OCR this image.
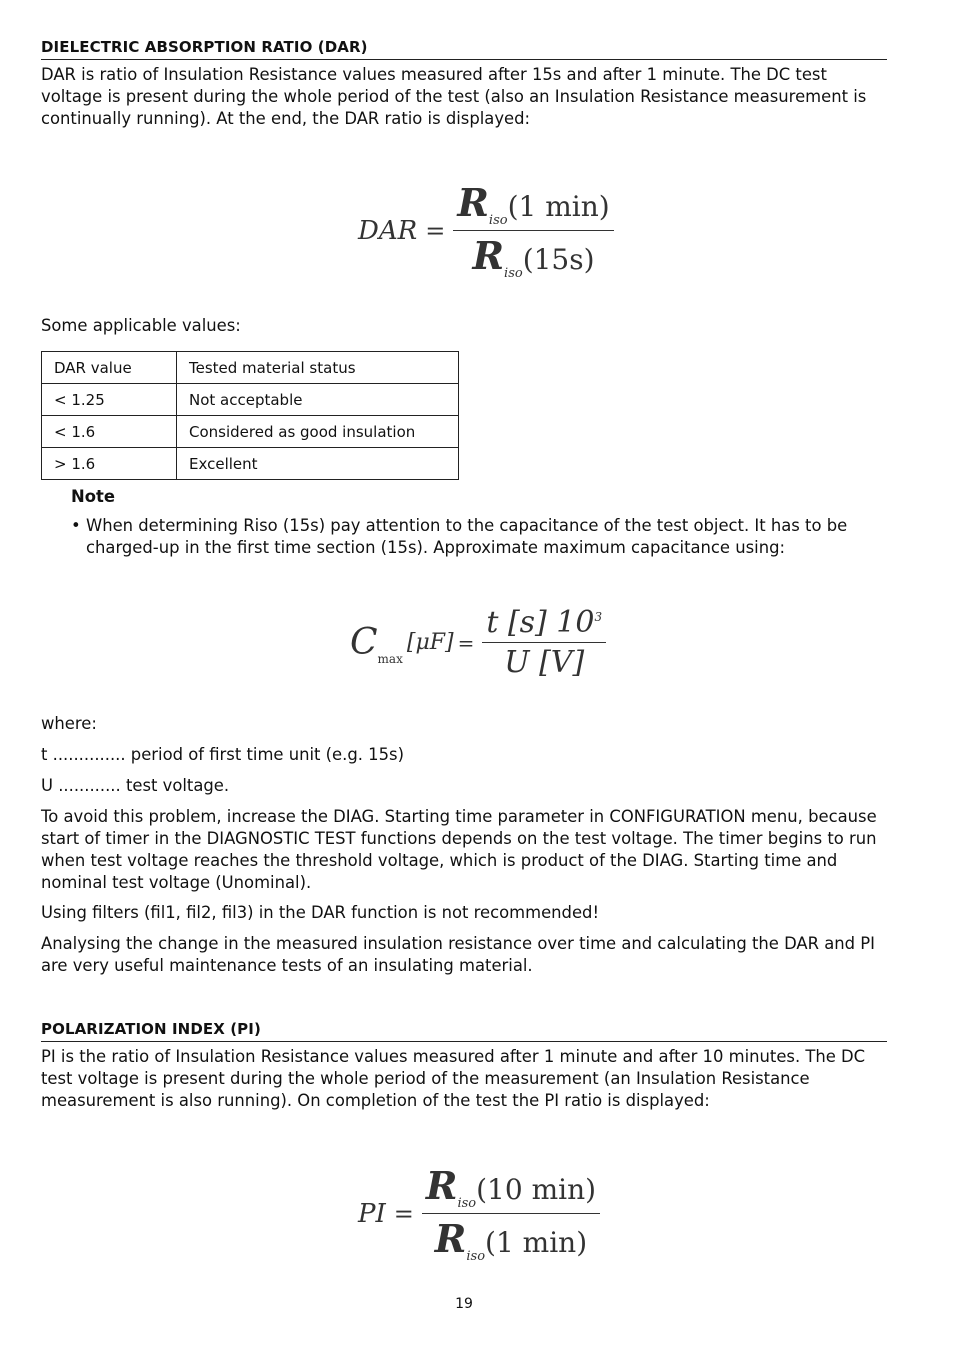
DIELECTRIC ABSORPTION RATIO (DAR)

DAR is ratio of Insulation Resistance values measured after 15s and after 1 minute. The DC test voltage is present during the whole period of the test (also an Insulation Resistance measurement is continually running). At the end, the DAR ratio is displayed:

DAR = $\frac{R_{iso}(1 \min)}{R_{iso}(15s)}$

Some applicable values:

DAR value	Tested material status
< 1.25	Not acceptable
< 1.6	Considered as good insulation
> 1.6	Excellent
Note
• When determining Riso (15s) pay attention to the capacitance of the test object. It has to be charged-up in the first time section (15s). Approximate maximum capacitance using:
C max
$[\mu F] = \frac{t [s] 10^3}{U [V]}$

where:

t .............. period of first time unit (e.g. 15s)

U ............ test voltage.

To avoid this problem, increase the DIAG. Starting time parameter in CONFIGURATION menu, because start of timer in the DIAGNOSTIC TEST functions depends on the test voltage. The timer begins to run when test voltage reaches the threshold voltage, which is product of the DIAG. Starting time and nominal test voltage (Unominal).

Using filters (fil1, fil2, fil3) in the DAR function is not recommended!

Analysing the change in the measured insulation resistance over time and calculating the DAR and PI are very useful maintenance tests of an insulating material.

POLARIZATION INDEX (PI)

PI is the ratio of Insulation Resistance values measured after 1 minute and after 10 minutes. The DC test voltage is present during the whole period of the measurement (an Insulation Resistance measurement is also running). On completion of the test the PI ratio is displayed:

PI = $\frac{R_{iso}(10 \min)}{R_{iso}(1 \min)}$
19
